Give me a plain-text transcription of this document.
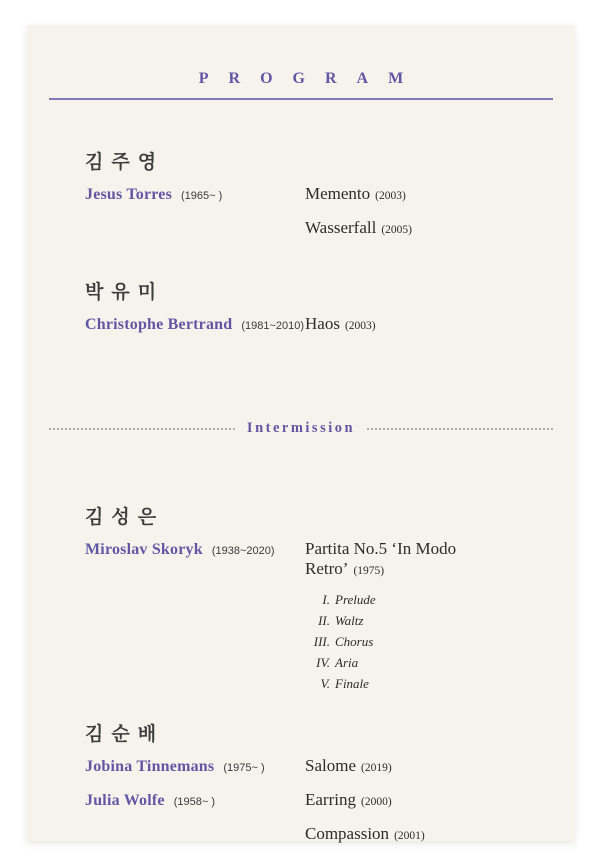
PROGRAM
김주영
Jesus Torres (1965~ )	Memento (2003)
Wasserfall (2005)
박유미
Christophe Bertrand (1981~2010) Haos (2003)
Intermission
김성은
Miroslav Skoryk (1938~2020)	Partita No.5 ‘In Modo Retro’ (1975)
I. Prelude
II. Waltz
III. Chorus
IV. Aria
V. Finale
김순배
Jobina Tinnemans (1975~ )	Salome (2019)
Julia Wolfe (1958~ )	Earring (2000)
Compassion (2001)
